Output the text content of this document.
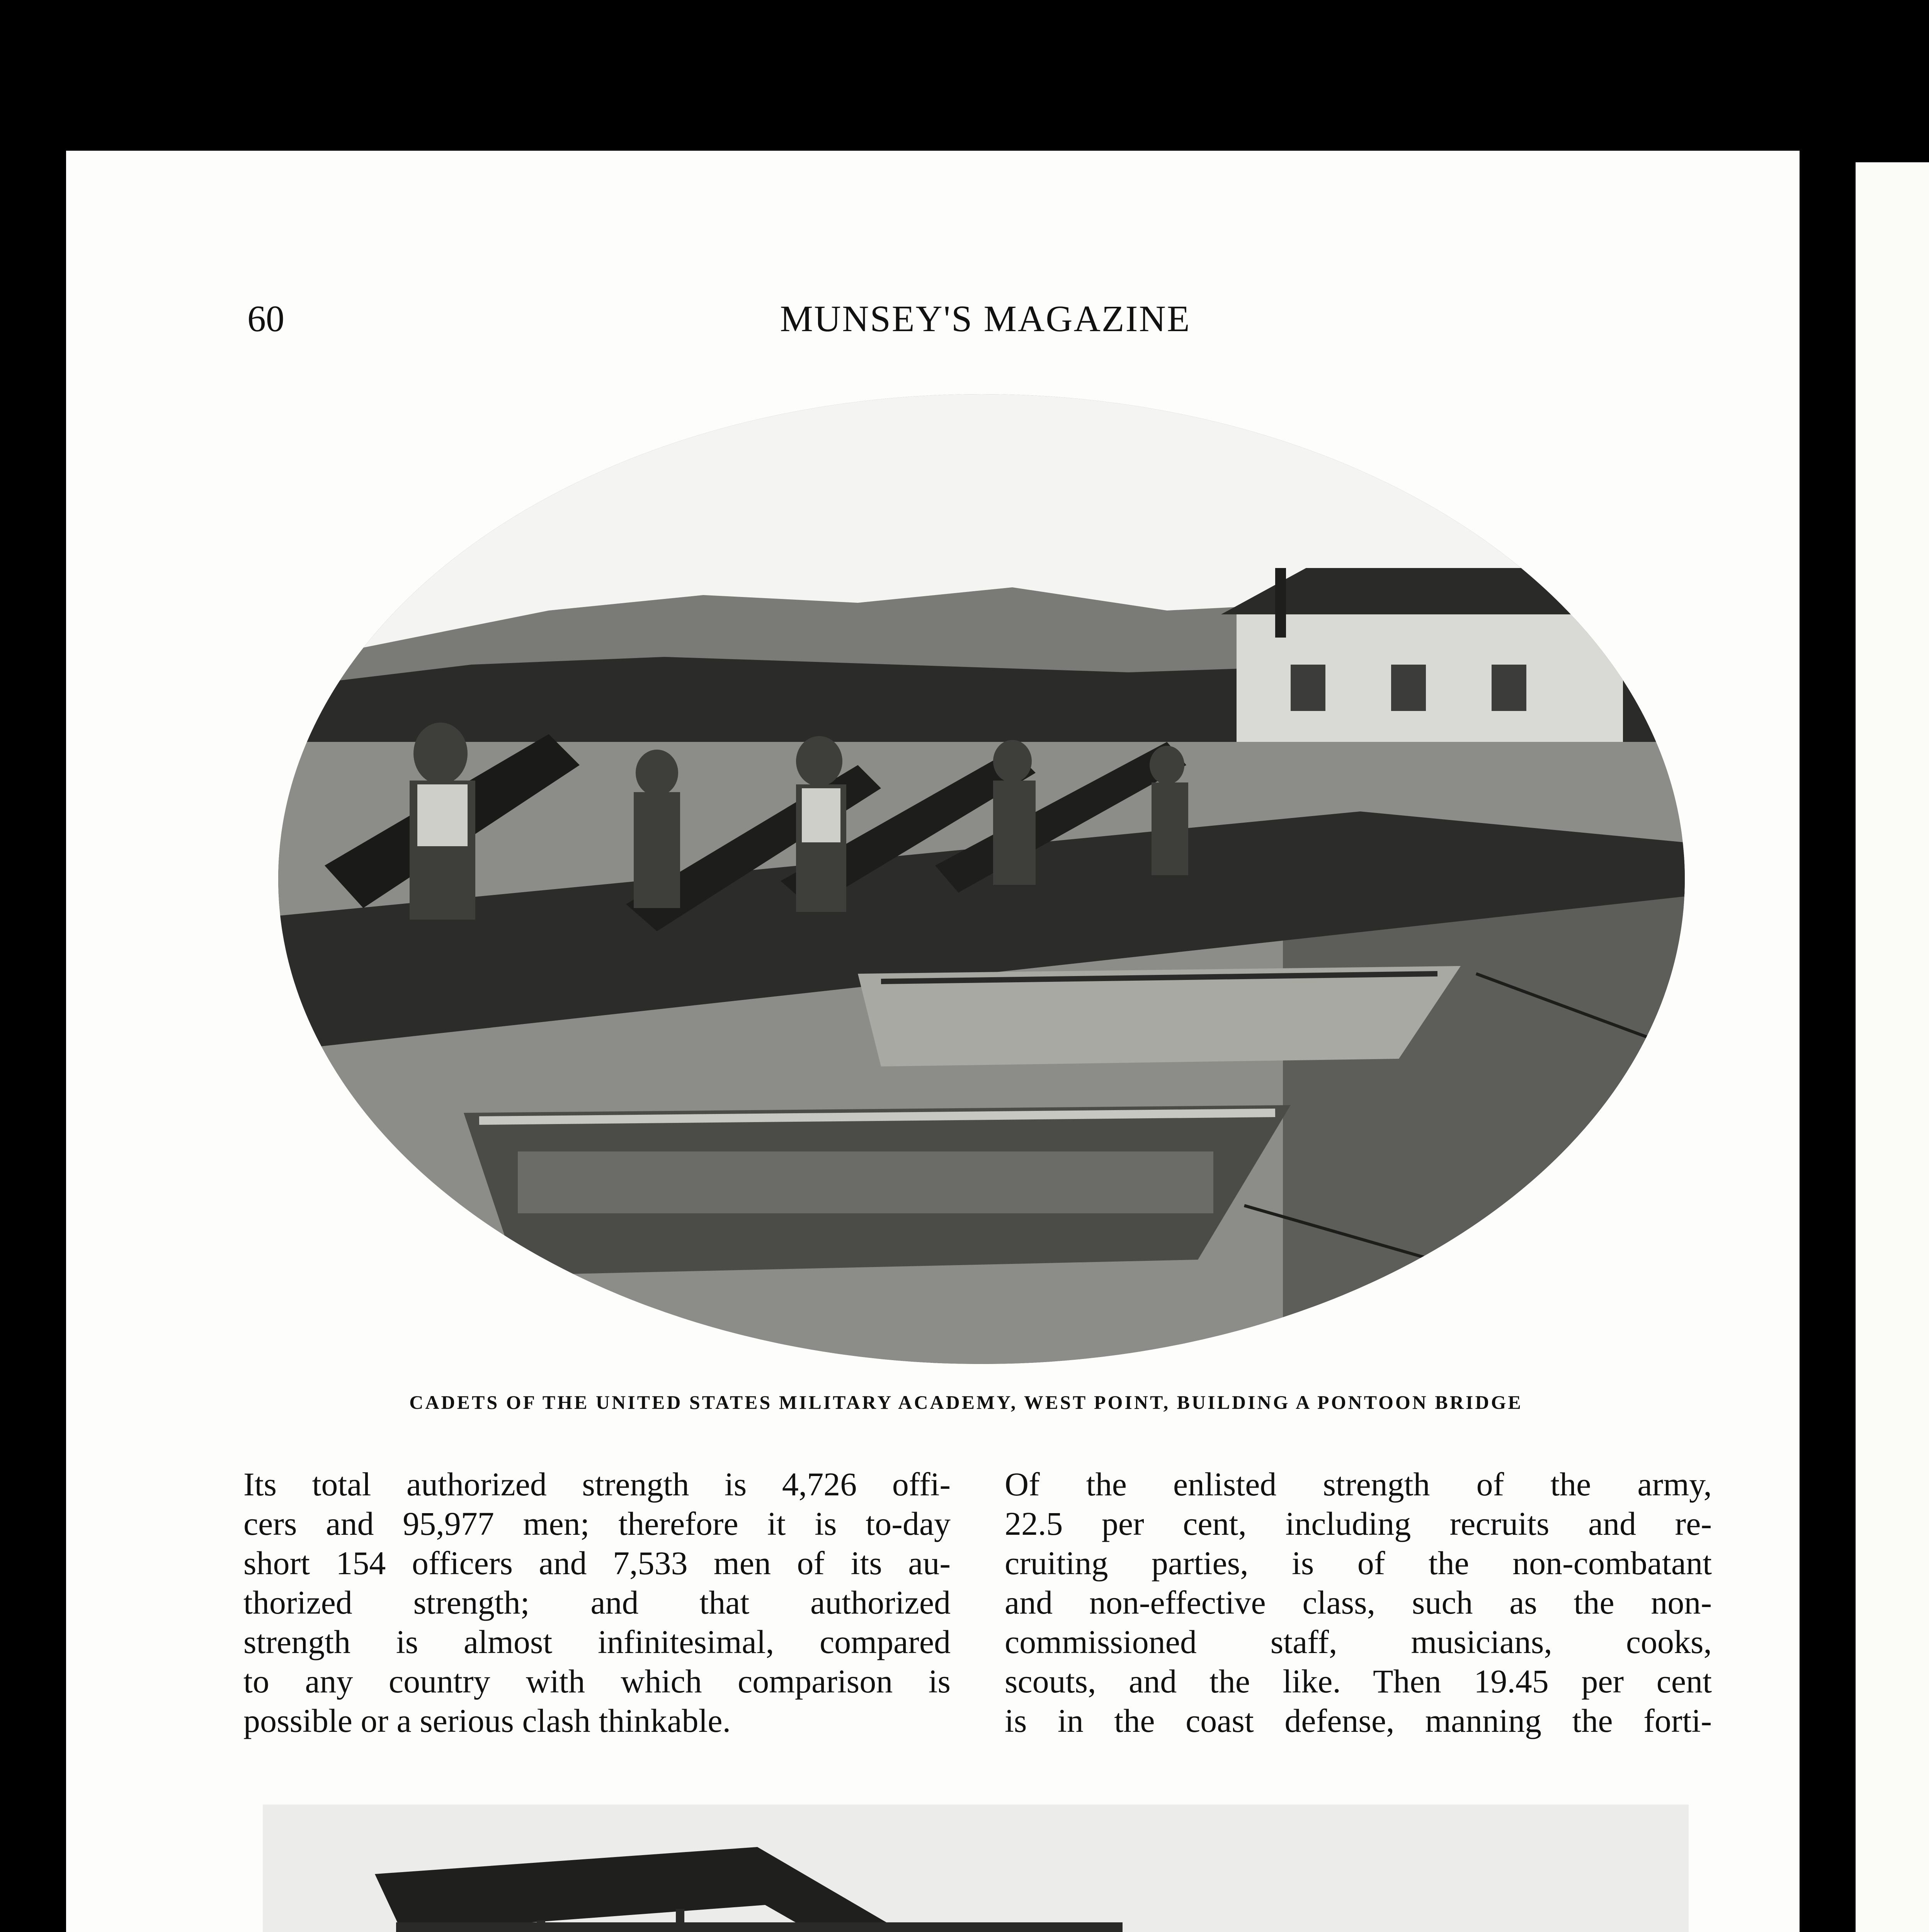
60	MUNSEY'S MAGAZINE
CADETS OF THE UNITED STATES MILITARY ACADEMY, WEST POINT, BUILDING A PONTOON BRIDGE
Its total authorized strength is 4,726 offi-
cers and 95,977 men; therefore it is to-day
short 154 officers and 7,533 men of its au-
thorized strength; and that authorized
strength is almost infinitesimal, compared
to any country with which comparison is
possible or a serious clash thinkable.
Of the enlisted strength of the army,
22.5 per cent, including recruits and re-
cruiting parties, is of the non-combatant
and non-effective class, such as the non-
commissioned staff, musicians, cooks,
scouts, and the like. Then 19.45 per cent
is in the coast defense, manning the forti-
